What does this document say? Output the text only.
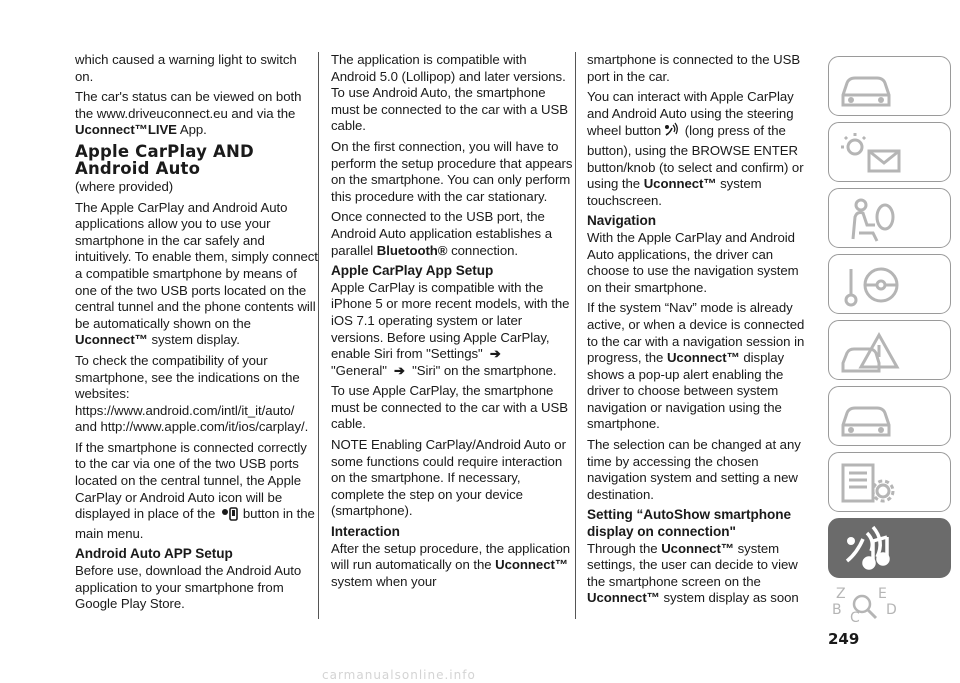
which caused a warning light to switch on.
The car's status can be viewed on both the www.driveuconnect.eu and via the Uconnect™LIVE App.
Apple CarPlay AND Android Auto
(where provided)
The Apple CarPlay and Android Auto applications allow you to use your smartphone in the car safely and intuitively. To enable them, simply connect a compatible smartphone by means of one of the two USB ports located on the central tunnel and the phone contents will be automatically shown on the Uconnect™ system display.
To check the compatibility of your smartphone, see the indications on the websites: https://www.android.com/intl/it_it/auto/ and http://www.apple.com/it/ios/carplay/.
If the smartphone is connected correctly to the car via one of the two USB ports located on the central tunnel, the Apple CarPlay or Android Auto icon will be displayed in place of the button in the main menu.
Android Auto APP Setup
Before use, download the Android Auto application to your smartphone from Google Play Store.
The application is compatible with Android 5.0 (Lollipop) and later versions. To use Android Auto, the smartphone must be connected to the car with a USB cable.
On the first connection, you will have to perform the setup procedure that appears on the smartphone. You can only perform this procedure with the car stationary.
Once connected to the USB port, the Android Auto application establishes a parallel Bluetooth® connection.
Apple CarPlay App Setup
Apple CarPlay is compatible with the iPhone 5 or more recent models, with the iOS 7.1 operating system or later versions. Before using Apple CarPlay, enable Siri from "Settings" ➔
"General" ➔ "Siri" on the smartphone.
To use Apple CarPlay, the smartphone must be connected to the car with a USB cable.
NOTE Enabling CarPlay/Android Auto or some functions could require interaction on the smartphone. If necessary, complete the step on your device (smartphone).
Interaction
After the setup procedure, the application will run automatically on the Uconnect™ system when your
smartphone is connected to the USB port in the car.
You can interact with Apple CarPlay and Android Auto using the steering wheel button (long press of the button), using the BROWSE ENTER button/knob (to select and confirm) or using the Uconnect™ system touchscreen.
Navigation
With the Apple CarPlay and Android Auto applications, the driver can choose to use the navigation system on their smartphone.
If the system “Nav” mode is already active, or when a device is connected to the car with a navigation session in progress, the Uconnect™ display shows a pop-up alert enabling the driver to choose between system navigation or navigation using the smartphone.
The selection can be changed at any time by accessing the chosen navigation system and setting a new destination.
Setting “AutoShow smartphone display on connection"
Through the Uconnect™ system settings, the user can decide to view the smartphone screen on the Uconnect™ system display as soon	Z E
B	D
C
249
carmanualsonline.info
